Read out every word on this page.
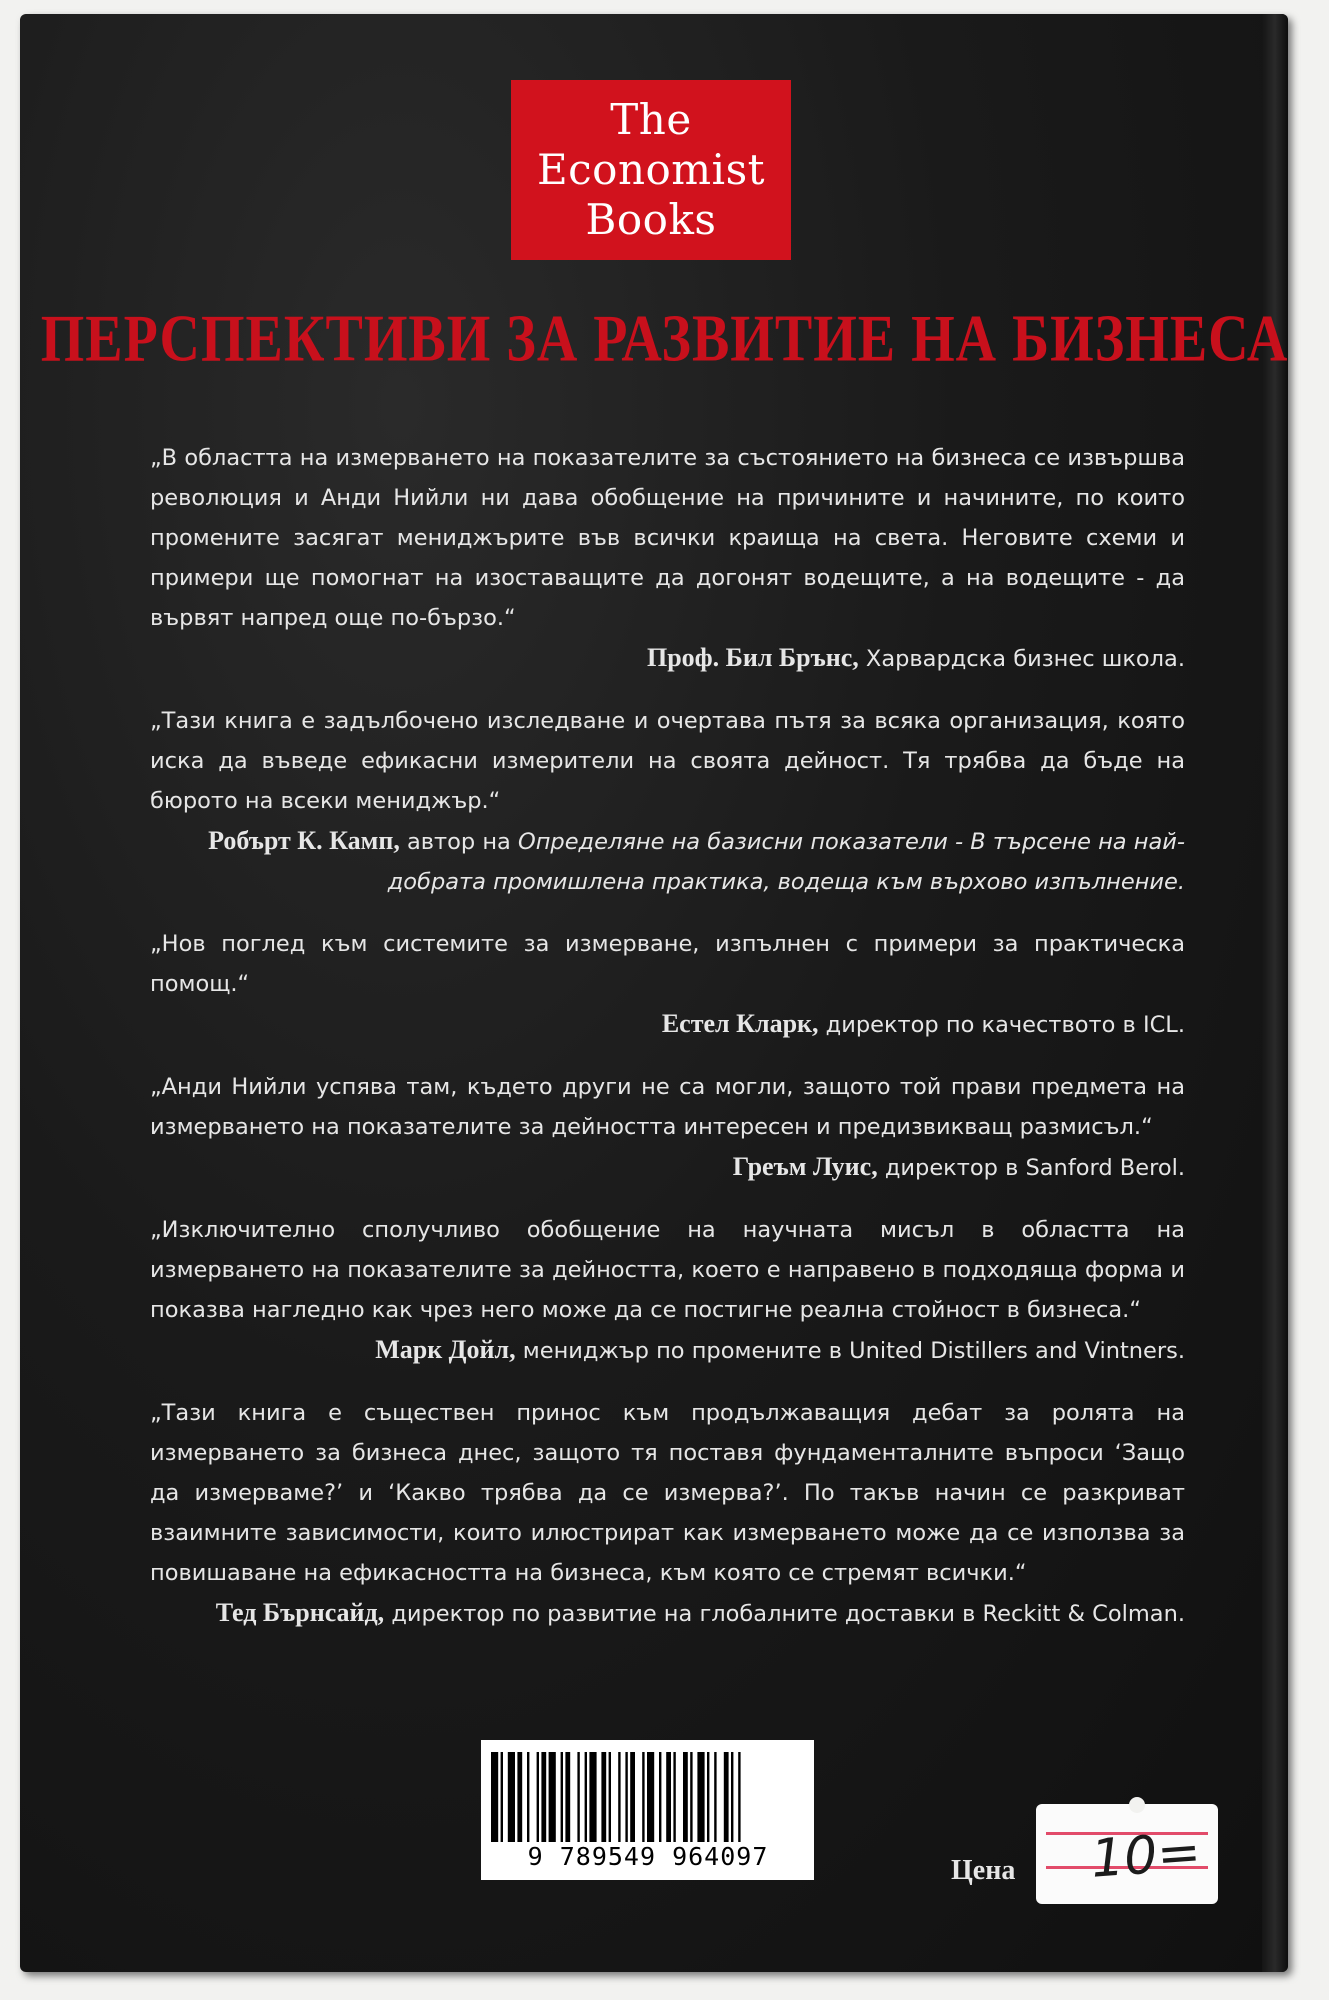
The
Economist
Books
ПЕРСПЕКТИВИ ЗА РАЗВИТИЕ НА БИЗНЕСА

„В областта на измерването на показателите за състоянието на бизнеса се извършва революция и Анди Нийли ни дава обобщение на причините и начините, по които промените засягат мениджърите във всички краища на света. Неговите схеми и примери ще помогнат на изоставащите да догонят водещите, а на водещите - да вървят напред още по-бързо.“

Проф. Бил Брънс, Харвардска бизнес школа.

„Тази книга е задълбочено изследване и очертава пътя за всяка организация, която иска да въведе ефикасни измерители на своята дейност. Тя трябва да бъде на бюрото на всеки мениджър.“

Робърт К. Камп, автор на Определяне на базисни показатели - В търсене на най-добрата промишлена практика, водеща към върхово изпълнение.

„Нов поглед към системите за измерване, изпълнен с примери за практическа помощ.“

Естел Кларк, директор по качеството в ICL.

„Анди Нийли успява там, където други не са могли, защото той прави предмета на измерването на показателите за дейността интересен и предизвикващ размисъл.“

Греъм Луис, директор в Sanford Berol.

„Изключително сполучливо обобщение на научната мисъл в областта на измерването на показателите за дейността, което е направено в подходяща форма и показва нагледно как чрез него може да се постигне реална стойност в бизнеса.“

Марк Дойл, мениджър по промените в United Distillers and Vintners.

„Тази книга е съществен принос към продължаващия дебат за ролята на измерването за бизнеса днес, защото тя поставя фундаменталните въпроси ‘Защо да измерваме?’ и ‘Какво трябва да се измерва?’. По такъв начин се разкриват взаимните зависимости, които илюстрират как измерването може да се използва за повишаване на ефикасността на бизнеса, към която се стремят всички.“

Тед Бърнсайд, директор по развитие на глобалните доставки в Reckitt & Colman.
9 789549 964097	Цена 10=
